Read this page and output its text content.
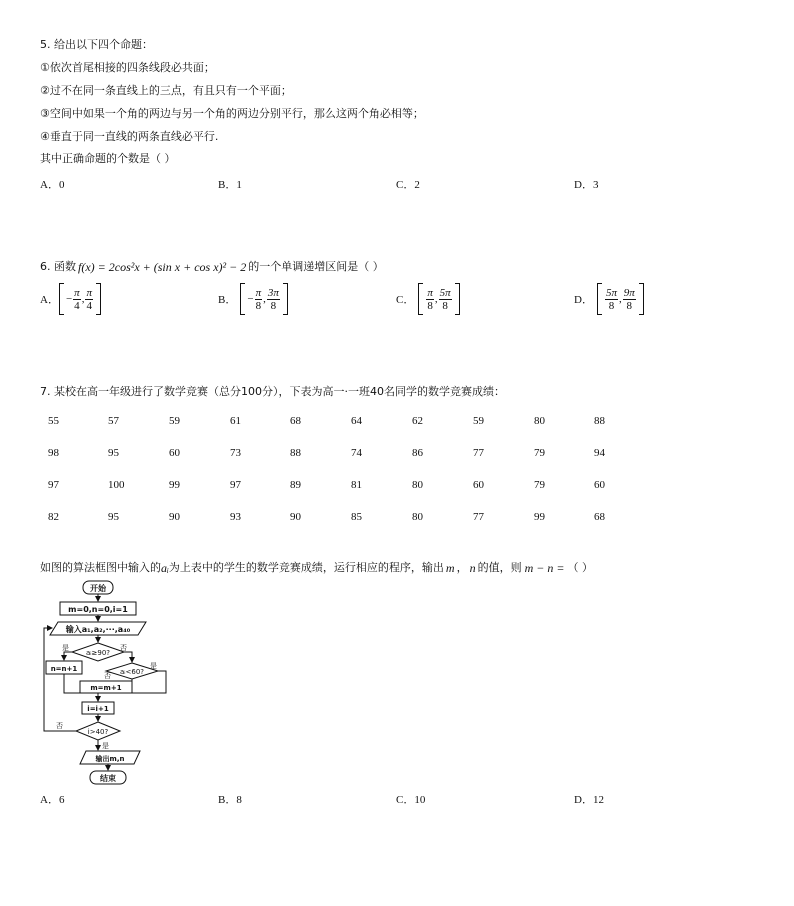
5. 给出以下四个命题：
①依次首尾相接的四条线段必共面；
②过不在同一条直线上的三点，有且只有一个平面；
③空间中如果一个角的两边与另一个角的两边分别平行，那么这两个角必相等；
④垂直于同一直线的两条直线必平行.
其中正确命题的个数是（ ）
A．0	B．1	C．2	D．3
6. 函数 f(x) = 2cos²x + (sin x + cos x)² − 2 的一个单调递增区间是（ ）
A． − $\frac{\pi}{4}$ , $\frac{\pi}{4}$	B． − $\frac{\pi}{8}$ , $\frac{3\pi}{8}$	C． $\frac{\pi}{8}$ , $\frac{5\pi}{8}$	D． $\frac{5\pi}{8}$ , $\frac{9\pi}{8}$
7. 某校在高一年级进行了数学竞赛（总分100分），下表为高一·一班40名同学的数学竞赛成绩：
55	57	59	61	68	64	62	59	80	88
98	95	60	73	88	74	86	77	79	94
97	100	99	97	89	81	80	60	79	60
82	95	90	93	90	85	80	77	99	68
如图的算法框图中输入的 aᵢ 为上表中的学生的数学竞赛成绩，运行相应的程序，输出 m ， n 的值，则 m − n = （ ）
开始
m=0,n=0,i=1
输入a₁,a₂,···,a₄₀
aᵢ≥90?
是	否
n=n+1	aᵢ<60?
是
否
m=m+1
i=i+1
i>40?
否
是
输出m,n
结束
A．6	B．8	C．10	D．12
